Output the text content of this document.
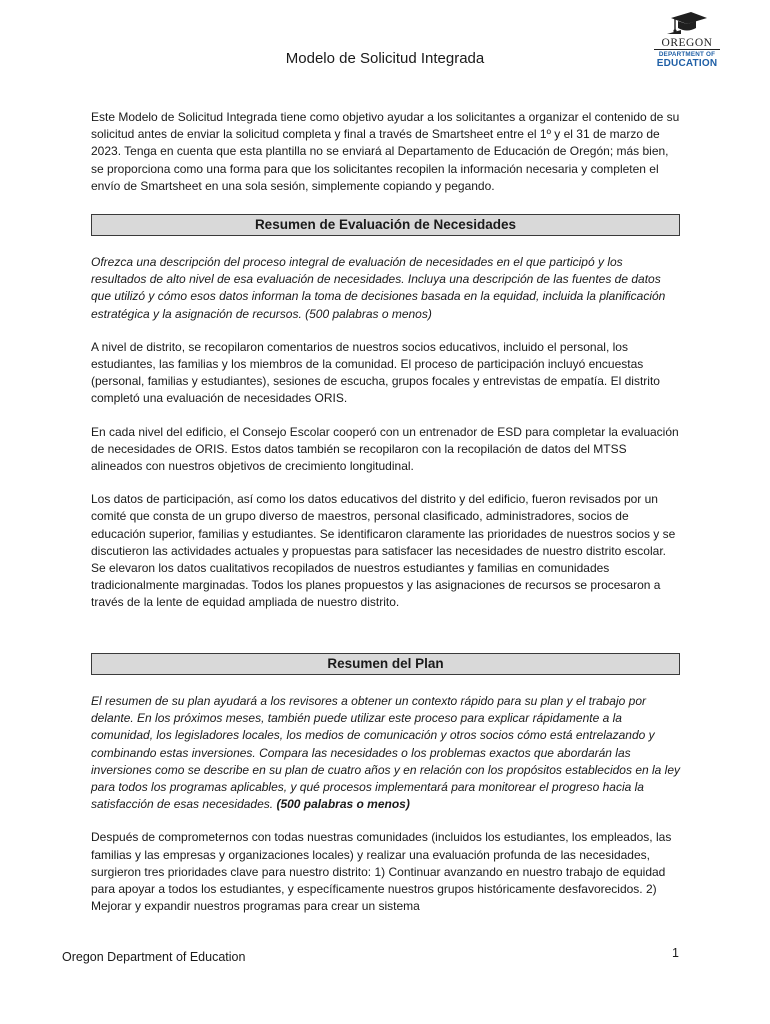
Modelo de Solicitud Integrada
OREGON
DEPARTMENT OF
EDUCATION

Este Modelo de Solicitud Integrada tiene como objetivo ayudar a los solicitantes a organizar el contenido de su solicitud antes de enviar la solicitud completa y final a través de Smartsheet entre el 1º y el 31 de marzo de 2023. Tenga en cuenta que esta plantilla no se enviará al Departamento de Educación de Oregón; más bien, se proporciona como una forma para que los solicitantes recopilen la información necesaria y completen el envío de Smartsheet en una sola sesión, simplemente copiando y pegando.

Resumen de Evaluación de Necesidades

Ofrezca una descripción del proceso integral de evaluación de necesidades en el que participó y los resultados de alto nivel de esa evaluación de necesidades. Incluya una descripción de las fuentes de datos que utilizó y cómo esos datos informan la toma de decisiones basada en la equidad, incluida la planificación estratégica y la asignación de recursos. (500 palabras o menos)

A nivel de distrito, se recopilaron comentarios de nuestros socios educativos, incluido el personal, los estudiantes, las familias y los miembros de la comunidad. El proceso de participación incluyó encuestas (personal, familias y estudiantes), sesiones de escucha, grupos focales y entrevistas de empatía. El distrito completó una evaluación de necesidades ORIS.

En cada nivel del edificio, el Consejo Escolar cooperó con un entrenador de ESD para completar la evaluación de necesidades de ORIS. Estos datos también se recopilaron con la recopilación de datos del MTSS alineados con nuestros objetivos de crecimiento longitudinal.

Los datos de participación, así como los datos educativos del distrito y del edificio, fueron revisados por un comité que consta de un grupo diverso de maestros, personal clasificado, administradores, socios de educación superior, familias y estudiantes. Se identificaron claramente las prioridades de nuestros socios y se discutieron las actividades actuales y propuestas para satisfacer las necesidades de nuestro distrito escolar. Se elevaron los datos cualitativos recopilados de nuestros estudiantes y familias en comunidades tradicionalmente marginadas. Todos los planes propuestos y las asignaciones de recursos se procesaron a través de la lente de equidad ampliada de nuestro distrito.

Resumen del Plan

El resumen de su plan ayudará a los revisores a obtener un contexto rápido para su plan y el trabajo por delante. En los próximos meses, también puede utilizar este proceso para explicar rápidamente a la comunidad, los legisladores locales, los medios de comunicación y otros socios cómo está entrelazando y combinando estas inversiones. Compara las necesidades o los problemas exactos que abordarán las inversiones como se describe en su plan de cuatro años y en relación con los propósitos establecidos en la ley para todos los programas aplicables, y qué procesos implementará para monitorear el progreso hacia la satisfacción de esas necesidades. (500 palabras o menos)

Después de comprometernos con todas nuestras comunidades (incluidos los estudiantes, los empleados, las familias y las empresas y organizaciones locales) y realizar una evaluación profunda de las necesidades, surgieron tres prioridades clave para nuestro distrito: 1) Continuar avanzando en nuestro trabajo de equidad para apoyar a todos los estudiantes, y específicamente nuestros grupos históricamente desfavorecidos. 2) Mejorar y expandir nuestros programas para crear un sistema

Oregon Department of Education	1
